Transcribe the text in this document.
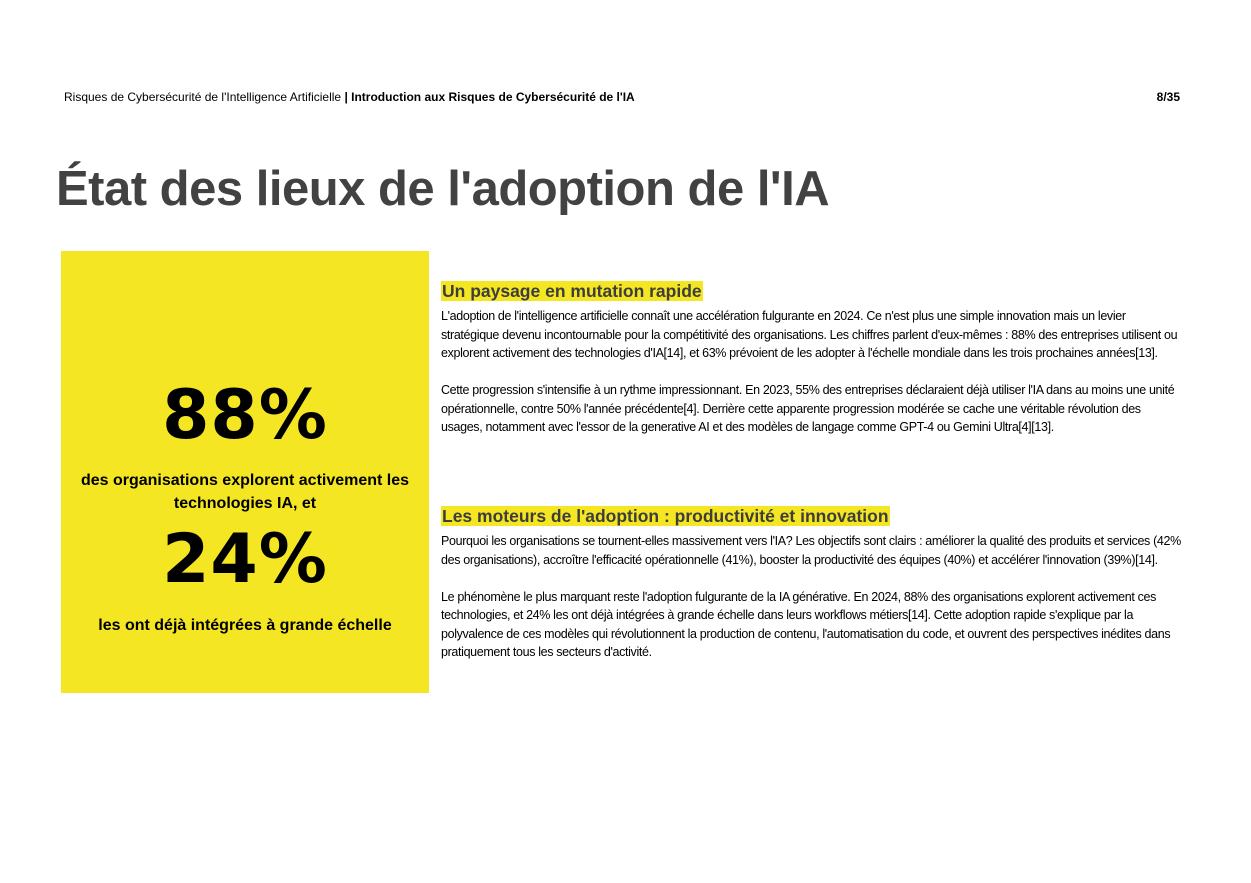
Risques de Cybersécurité de l'Intelligence Artificielle | Introduction aux Risques de Cybersécurité de l'IA	8/35
État des lieux de l'adoption de l'IA
88%
des organisations explorent activement les technologies IA, et
24%
les ont déjà intégrées à grande échelle
Un paysage en mutation rapide

L'adoption de l'intelligence artificielle connaît une accélération fulgurante en 2024. Ce n'est plus une simple innovation mais un levier stratégique devenu incontournable pour la compétitivité des organisations. Les chiffres parlent d'eux-mêmes : 88% des entreprises utilisent ou explorent activement des technologies d'IA[14], et 63% prévoient de les adopter à l'échelle mondiale dans les trois prochaines années[13].

Cette progression s'intensifie à un rythme impressionnant. En 2023, 55% des entreprises déclaraient déjà utiliser l'IA dans au moins une unité opérationnelle, contre 50% l'année précédente[4]. Derrière cette apparente progression modérée se cache une véritable révolution des usages, notamment avec l'essor de la generative AI et des modèles de langage comme GPT-4 ou Gemini Ultra[4][13].

Les moteurs de l'adoption : productivité et innovation

Pourquoi les organisations se tournent-elles massivement vers l'IA? Les objectifs sont clairs : améliorer la qualité des produits et services (42% des organisations), accroître l'efficacité opérationnelle (41%), booster la productivité des équipes (40%) et accélérer l'innovation (39%)[14].

Le phénomène le plus marquant reste l'adoption fulgurante de la IA générative. En 2024, 88% des organisations explorent activement ces technologies, et 24% les ont déjà intégrées à grande échelle dans leurs workflows métiers[14]. Cette adoption rapide s'explique par la polyvalence de ces modèles qui révolutionnent la production de contenu, l'automatisation du code, et ouvrent des perspectives inédites dans pratiquement tous les secteurs d'activité.
